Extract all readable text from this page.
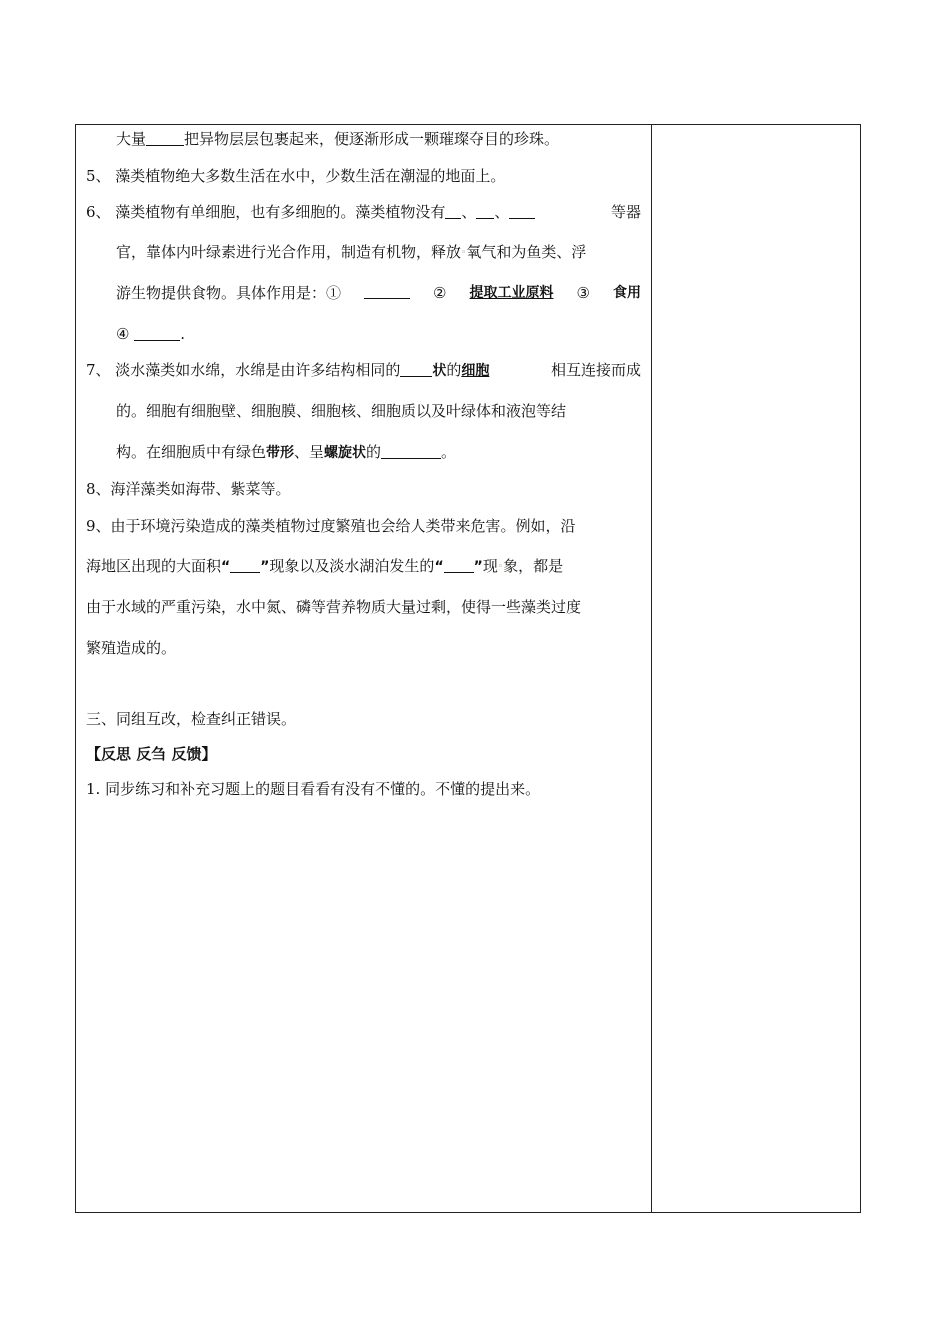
大量	把异物层层包裹起来，便逐渐形成一颗璀璨夺目的珍珠。
5、 藻类植物绝大多数生活在水中，少数生活在潮湿的地面上。
6、 藻类植物有单细胞，也有多细胞的。藻类植物没有 、 、	等器
官，靠体内叶绿素进行光合作用，制造有机物，释放◦氧气和为鱼类、浮
游生物提供食物。具体作用是：①	② 提取工业原料 ③ 食用
④	.
7、 淡水藻类如水绵，水绵是由许多结构相同的 状的细胞	相互连接而成
的。细胞有细胞壁、细胞膜、细胞核、细胞质以及叶绿体和液泡等结
构。在细胞质中有绿色带形、呈螺旋状的	。
8、海洋藻类如海带、紫菜等。
9、由于环境污染造成的藻类植物过度繁殖也会给人类带来危害。例如，沿
海地区出现的大面积“ ”现象以及淡水湖泊发生的“ ”现◦象，都是
由于水域的严重污染，水中氮、磷等营养物质大量过剩，使得一些藻类过度
繁殖造成的。
三、同组互改，检查纠正错误。
【反思 反刍 反馈】
1. 同步练习和补充习题上的题目看看有没有不懂的。不懂的提出来。
